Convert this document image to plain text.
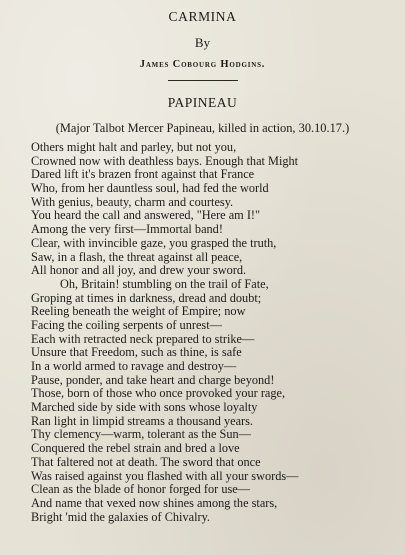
CARMINA
By
James Cobourg Hodgins.
PAPINEAU
(Major Talbot Mercer Papineau, killed in action, 30.10.17.)
Others might halt and parley, but not you,
Crowned now with deathless bays. Enough that Might
Dared lift it's brazen front against that France
Who, from her dauntless soul, had fed the world
With genius, beauty, charm and courtesy.
You heard the call and answered, "Here am I!"
Among the very first—Immortal band!
Clear, with invincible gaze, you grasped the truth,
Saw, in a flash, the threat against all peace,
All honor and all joy, and drew your sword.
Oh, Britain! stumbling on the trail of Fate,
Groping at times in darkness, dread and doubt;
Reeling beneath the weight of Empire; now
Facing the coiling serpents of unrest—
Each with retracted neck prepared to strike—
Unsure that Freedom, such as thine, is safe
In a world armed to ravage and destroy—
Pause, ponder, and take heart and charge beyond!
Those, born of those who once provoked your rage,
Marched side by side with sons whose loyalty
Ran light in limpid streams a thousand years.
Thy clemency—warm, tolerant as the Sun—
Conquered the rebel strain and bred a love
That faltered not at death. The sword that once
Was raised against you flashed with all your swords—
Clean as the blade of honor forged for use—
And name that vexed now shines among the stars,
Bright 'mid the galaxies of Chivalry.
